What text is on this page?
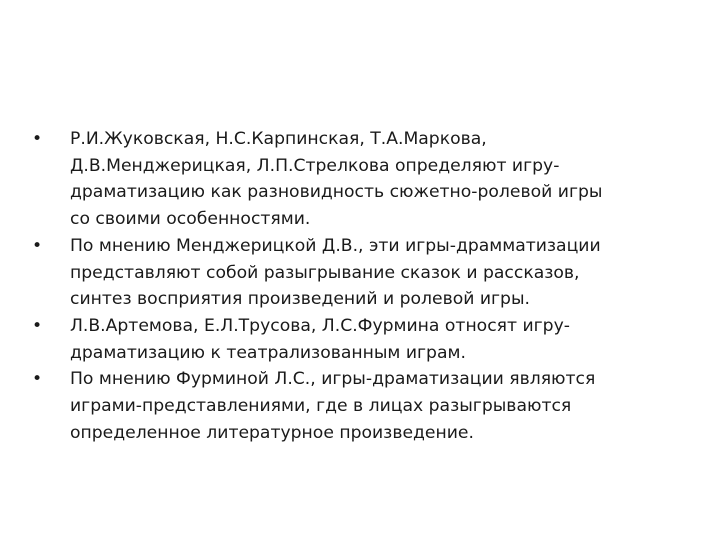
•	Р.И.Жуковская, Н.С.Карпинская, Т.А.Маркова,
Д.В.Менджерицкая, Л.П.Стрелкова определяют игру-
драматизацию как разновидность сюжетно-ролевой игры
со своими особенностями.
•	По мнению Менджерицкой Д.В., эти игры-драмматизации
представляют собой разыгрывание сказок и рассказов,
синтез восприятия произведений и ролевой игры.
•	Л.В.Артемова, Е.Л.Трусова, Л.С.Фурмина относят игру-
драматизацию к театрализованным играм.
•	По мнению Фурминой Л.С., игры-драматизации являются
играми-представлениями, где в лицах разыгрываются
определенное литературное произведение.
